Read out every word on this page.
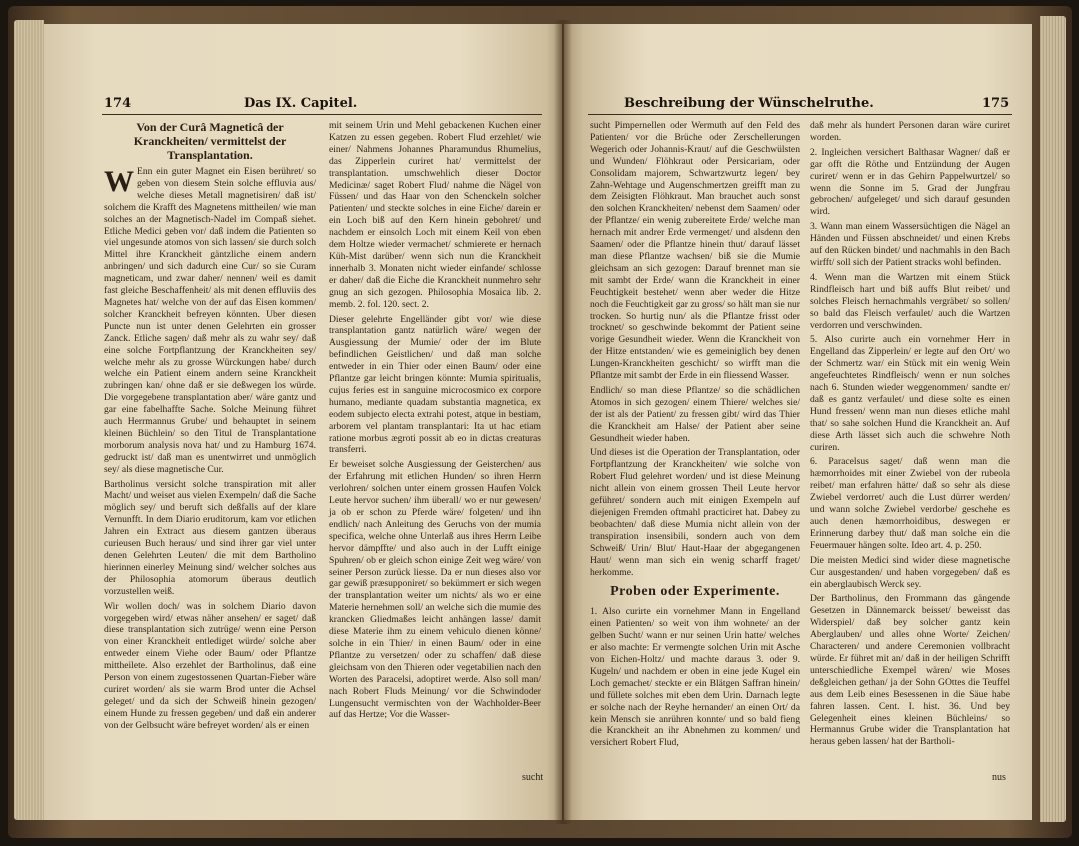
174	Das IX. Capitel.
Von der Curâ Magneticâ der Kranckheiten/ vermittelst der Transplantation.

W Enn ein guter Magnet ein Eisen berühret/ so geben von diesem Stein solche effluvia aus/ welche dieses Metall magnetisiren/ daß ist/ solchem die Krafft des Magnetens mittheilen/ wie man solches an der Magnetisch-Nadel im Compaß siehet. Etliche Medici geben vor/ daß indem die Patienten so viel ungesunde atomos von sich lassen/ sie durch solch Mittel ihre Kranckheit gäntzliche einem andern anbringen/ und sich dadurch eine Cur/ so sie Curam magneticam, und zwar daher/ nennen/ weil es damit fast gleiche Beschaffenheit/ als mit denen effluviis des Magnetes hat/ welche von der auf das Eisen kommen/ solcher Kranckheit befreyen könnten. Uber diesen Puncte nun ist unter denen Gelehrten ein grosser Zanck. Etliche sagen/ daß mehr als zu wahr sey/ daß eine solche Fortpflantzung der Kranckheiten sey/ welche mehr als zu grosse Würckungen habe/ durch welche ein Patient einem andern seine Kranckheit zubringen kan/ ohne daß er sie deßwegen los würde. Die vorgegebene transplantation aber/ wäre gantz und gar eine fabelhaffte Sache. Solche Meinung führet auch Herrmannus Grube/ und behauptet in seinem kleinen Büchlein/ so den Titul de Transplantatione morborum analysis nova hat/ und zu Hamburg 1674. gedruckt ist/ daß man es unentwirret und unmöglich sey/ als diese magnetische Cur.

Bartholinus versicht solche transpiration mit aller Macht/ und weiset aus vielen Exempeln/ daß die Sache möglich sey/ und beruft sich deßfalls auf der klare Vernunfft. In dem Diario eruditorum, kam vor etlichen Jahren ein Extract aus diesem gantzen überaus curieusen Buch heraus/ und sind ihrer gar viel unter denen Gelehrten Leuten/ die mit dem Bartholino hierinnen einerley Meinung sind/ welcher solches aus der Philosophia atomorum überaus deutlich vorzustellen weiß.

Wir wollen doch/ was in solchem Diario davon vorgegeben wird/ etwas näher ansehen/ er saget/ daß diese transplantation sich zutrüge/ wenn eine Person von einer Kranckheit entlediget würde/ solche aber entweder einem Viehe oder Baum/ oder Pflantze mittheilete. Also erzehlet der Bartholinus, daß eine Person von einem zugestossenen Quartan-Fieber wäre curiret worden/ als sie warm Brod unter die Achsel geleget/ und da sich der Schweiß hinein gezogen/ einem Hunde zu fressen gegeben/ und daß ein anderer von der Gelbsucht wäre befreyet worden/ als er einen

mit seinem Urin und Mehl gebackenen Kuchen einer Katzen zu essen gegeben. Robert Flud erzehlet/ wie einer/ Nahmens Johannes Pharamundus Rhumelius, das Zipperlein curiret hat/ vermittelst der transplantation. umschwehlich dieser Doctor Medicinæ/ saget Robert Flud/ nahme die Nägel von Füssen/ und das Haar von den Schenckeln solcher Patienten/ und steckte solches in eine Eiche/ darein er ein Loch biß auf den Kern hinein gebohret/ und nachdem er einsolch Loch mit einem Keil von eben dem Holtze wieder vermachet/ schmierete er hernach Küh-Mist darüber/ wenn sich nun die Kranckheit innerhalb 3. Monaten nicht wieder einfande/ schlosse er daher/ daß die Eiche die Kranckheit nunmehro sehr gnug an sich gezogen. Philosophia Mosaica lib. 2. memb. 2. fol. 120. sect. 2.

Dieser gelehrte Engelländer gibt vor/ wie diese transplantation gantz natürlich wäre/ wegen der Ausgiessung der Mumie/ oder der im Blute befindlichen Geistlichen/ und daß man solche entweder in ein Thier oder einen Baum/ oder eine Pflantze gar leicht bringen könnte: Mumia spiritualis, cujus feries est in sanguine microcosmico ex corpore humano, mediante quadam substantia magnetica, ex eodem subjecto electa extrahi potest, atque in bestiam, arborem vel plantam transplantari: Ita ut hac etiam ratione morbus ægroti possit ab eo in dictas creaturas transferri.

Er beweiset solche Ausgiessung der Geisterchen/ aus der Erfahrung mit etlichen Hunden/ so ihren Herrn verlohren/ solchen unter einem grossen Haufen Volck Leute hervor suchen/ ihm überall/ wo er nur gewesen/ ja ob er schon zu Pferde wäre/ folgeten/ und ihn endlich/ nach Anleitung des Geruchs von der mumia specifica, welche ohne Unterlaß aus ihres Herrn Leibe hervor dämpffte/ und also auch in der Lufft einige Spuhren/ ob er gleich schon einige Zeit weg wäre/ von seiner Person zurück liesse. Da er nun dieses also vor gar gewiß præsupponiret/ so bekümmert er sich wegen der transplantation weiter um nichts/ als wo er eine Materie hernehmen soll/ an welche sich die mumie des krancken Gliedmaßes leicht anhängen lasse/ damit diese Materie ihm zu einem vehiculo dienen könne/ solche in ein Thier/ in einen Baum/ oder in eine Pflantze zu versetzen/ oder zu schaffen/ daß diese gleichsam von den Thieren oder vegetabilien nach den Worten des Paracelsi, adoptiret werde. Also soll man/ nach Robert Fluds Meinung/ vor die Schwindoder Lungensucht vermischten von der Wachholder-Beer auf das Hertze; Vor die Wasser-

sucht
Beschreibung der Wünschelruthe.	175

sucht Pimpernellen oder Wermuth auf den Feld des Patienten/ vor die Brüche oder Zerschellerungen Wegerich oder Johannis-Kraut/ auf die Geschwülsten und Wunden/ Flöhkraut oder Persicariam, oder Consolidam majorem, Schwartzwurtz legen/ bey Zahn-Wehtage und Augenschmertzen greifft man zu dem Zeisigten Flöhkraut. Man brauchet auch sonst den solchen Kranckheiten/ nebenst dem Saamen/ oder der Pflantze/ ein wenig zubereitete Erde/ welche man hernach mit andrer Erde vermenget/ und alsdenn den Saamen/ oder die Pflantze hinein thut/ darauf lässet man diese Pflantze wachsen/ biß sie die Mumie gleichsam an sich gezogen: Darauf brennet man sie mit sambt der Erde/ wann die Kranckheit in einer Feuchtigkeit bestehet/ wenn aber weder die Hitze noch die Feuchtigkeit gar zu gross/ so hält man sie nur trocken. So hurtig nun/ als die Pflantze frisst oder trocknet/ so geschwinde bekommt der Patient seine vorige Gesundheit wieder. Wenn die Kranckheit von der Hitze entstanden/ wie es gemeiniglich bey denen Lungen-Kranckheiten geschicht/ so wirfft man die Pflantze mit sambt der Erde in ein fliessend Wasser.

Endlich/ so man diese Pflantze/ so die schädlichen Atomos in sich gezogen/ einem Thiere/ welches sie/ der ist als der Patient/ zu fressen gibt/ wird das Thier die Kranckheit am Halse/ der Patient aber seine Gesundheit wieder haben.

Und dieses ist die Operation der Transplantation, oder Fortpflantzung der Kranckheiten/ wie solche von Robert Flud gelehret worden/ und ist diese Meinung nicht allein von einem grossen Theil Leute hervor geführet/ sondern auch mit einigen Exempeln auf diejenigen Fremden oftmahl practiciret hat. Dabey zu beobachten/ daß diese Mumia nicht allein von der transpiration insensibili, sondern auch von dem Schweiß/ Urin/ Blut/ Haut-Haar der abgegangenen Haut/ wenn man sich ein wenig scharff fraget/ herkomme.

Proben oder Experimente.

1. Also curirte ein vornehmer Mann in Engelland einen Patienten/ so weit von ihm wohnete/ an der gelben Sucht/ wann er nur seinen Urin hatte/ welches er also machte: Er vermengte solchen Urin mit Asche von Eichen-Holtz/ und machte daraus 3. oder 9. Kugeln/ und nachdem er oben in eine jede Kugel ein Loch gemachet/ steckte er ein Blätgen Saffran hinein/ und füllete solches mit eben dem Urin. Darnach legte er solche nach der Reyhe hernander/ an einen Ort/ da kein Mensch sie anrühren konnte/ und so bald fieng die Kranckheit an ihr Abnehmen zu kommen/ und versichert Robert Flud,

daß mehr als hundert Personen daran wäre curiret worden.

2. Ingleichen versichert Balthasar Wagner/ daß er gar offt die Röthe und Entzündung der Augen curiret/ wenn er in das Gehirn Pappelwurtzel/ so wenn die Sonne im 5. Grad der Jungfrau gebrochen/ aufgeleget/ und sich darauf gesunden wird.

3. Wann man einem Wassersüchtigen die Nägel an Händen und Füssen abschneidet/ und einen Krebs auf den Rücken bindet/ und nachmahls in den Bach wirfft/ soll sich der Patient stracks wohl befinden.

4. Wenn man die Wartzen mit einem Stück Rindfleisch hart und biß auffs Blut reibet/ und solches Fleisch hernachmahls vergräbet/ so sollen/ so bald das Fleisch verfaulet/ auch die Wartzen verdorren und verschwinden.

5. Also curirte auch ein vornehmer Herr in Engelland das Zipperlein/ er legte auf den Ort/ wo der Schmertz war/ ein Stück mit ein wenig Wein angefeuchtetes Rindfleisch/ wenn er nun solches nach 6. Stunden wieder weggenommen/ sandte er/ daß es gantz verfaulet/ und diese solte es einen Hund fressen/ wenn man nun dieses etliche mahl that/ so sahe solchen Hund die Kranckheit an. Auf diese Arth lässet sich auch die schwehre Noth curiren.

6. Paracelsus saget/ daß wenn man die hæmorrhoides mit einer Zwiebel von der rubeola reibet/ man erfahren hätte/ daß so sehr als diese Zwiebel verdorret/ auch die Lust dürrer werden/ und wann solche Zwiebel verdorbe/ geschehe es auch denen hæmorrhoidibus, deswegen er Erinnerung darbey thut/ daß man solche ein die Feuermauer hängen solte. Ideo art. 4. p. 250.

Die meisten Medici sind wider diese magnetische Cur ausgestanden/ und haben vorgegeben/ daß es ein aberglaubisch Werck sey.

Der Bartholinus, den Frommann das gängende Gesetzen in Dännemarck beisset/ beweisst das Widerspiel/ daß bey solcher gantz kein Aberglauben/ und alles ohne Worte/ Zeichen/ Characteren/ und andere Ceremonien vollbracht würde. Er führet mit an/ daß in der heiligen Schrifft unterschiedliche Exempel wären/ wie Moses deßgleichen gethan/ ja der Sohn GOttes die Teuffel aus dem Leib eines Besessenen in die Säue habe fahren lassen. Cent. I. hist. 36. Und bey Gelegenheit eines kleinen Büchleins/ so Hermannus Grube wider die Transplantation hat heraus geben lassen/ hat der Bartholi-

nus
